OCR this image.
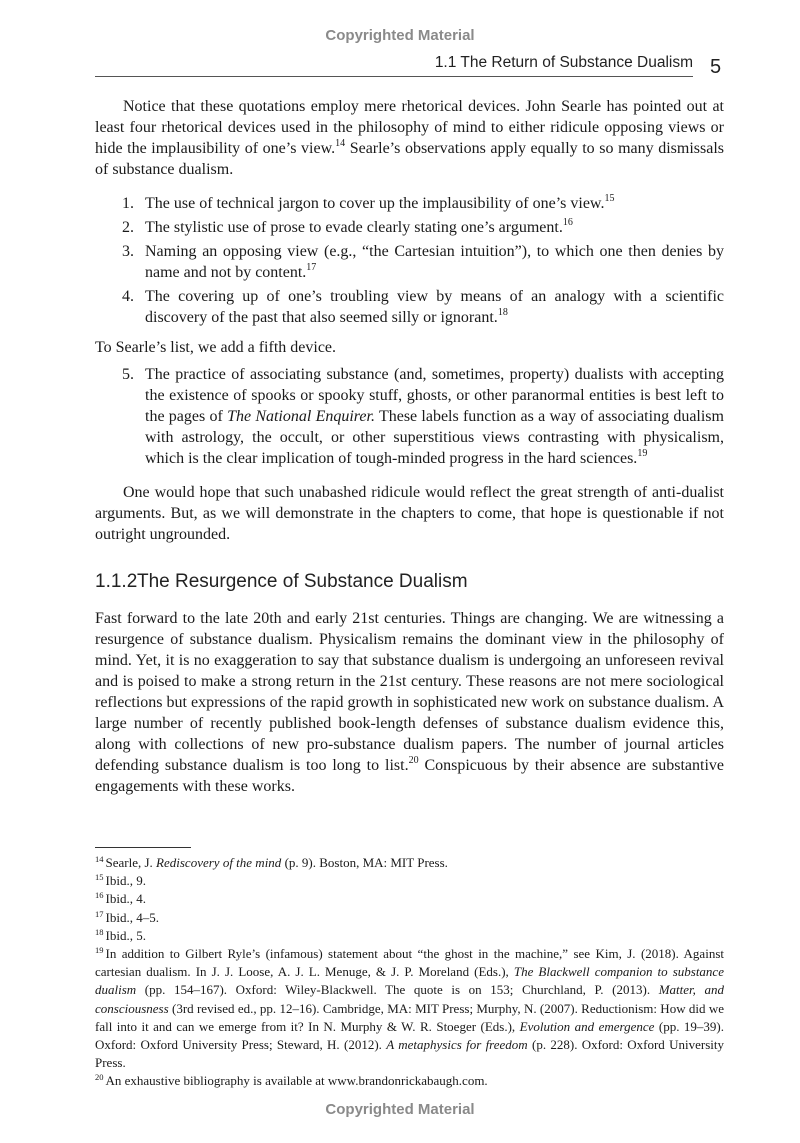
Copyrighted Material
1.1 The Return of Substance Dualism 5

Notice that these quotations employ mere rhetorical devices. John Searle has pointed out at least four rhetorical devices used in the philosophy of mind to either ridicule opposing views or hide the implausibility of one’s view.$^{14}$ Searle’s observations apply equally to so many dismissals of substance dualism.

1. The use of technical jargon to cover up the implausibility of one’s view.$^{15}$
2. The stylistic use of prose to evade clearly stating one’s argument.$^{16}$
3. Naming an opposing view (e.g., “the Cartesian intuition”), to which one then denies by name and not by content.$^{17}$
4. The covering up of one’s troubling view by means of an analogy with a scientific discovery of the past that also seemed silly or ignorant.$^{18}$

To Searle’s list, we add a fifth device.

5. The practice of associating substance (and, sometimes, property) dualists with accepting the existence of spooks or spooky stuff, ghosts, or other paranormal entities is best left to the pages of The National Enquirer. These labels function as a way of associating dualism with astrology, the occult, or other superstitious views contrasting with physicalism, which is the clear implication of tough-minded progress in the hard sciences.$^{19}$

One would hope that such unabashed ridicule would reflect the great strength of anti-dualist arguments. But, as we will demonstrate in the chapters to come, that hope is questionable if not outright ungrounded.

1.1.2The Resurgence of Substance Dualism

Fast forward to the late 20th and early 21st centuries. Things are changing. We are witnessing a resurgence of substance dualism. Physicalism remains the dominant view in the philosophy of mind. Yet, it is no exaggeration to say that substance dualism is undergoing an unforeseen revival and is poised to make a strong return in the 21st century. These reasons are not mere sociological reflections but expressions of the rapid growth in sophisticated new work on substance dualism. A large number of recently published book-length defenses of substance dualism evidence this, along with collections of new pro-substance dualism papers. The number of journal articles defending substance dualism is too long to list.$^{20}$ Conspicuous by their absence are substantive engagements with these works.

$^{14}$ Searle, J. Rediscovery of the mind (p. 9). Boston, MA: MIT Press.
$^{15}$ Ibid., 9.
$^{16}$ Ibid., 4.
$^{17}$ Ibid., 4–5.
$^{18}$ Ibid., 5.
$^{19}$ In addition to Gilbert Ryle’s (infamous) statement about “the ghost in the machine,” see Kim, J. (2018). Against cartesian dualism. In J. J. Loose, A. J. L. Menuge, & J. P. Moreland (Eds.), The Blackwell companion to substance dualism (pp. 154–167). Oxford: Wiley-Blackwell. The quote is on 153; Churchland, P. (2013). Matter, and consciousness (3rd revised ed., pp. 12–16). Cambridge, MA: MIT Press; Murphy, N. (2007). Reductionism: How did we fall into it and can we emerge from it? In N. Murphy & W. R. Stoeger (Eds.), Evolution and emergence (pp. 19–39). Oxford: Oxford University Press; Steward, H. (2012). A metaphysics for freedom (p. 228). Oxford: Oxford University Press.
$^{20}$ An exhaustive bibliography is available at www.brandonrickabaugh.com.
Copyrighted Material
